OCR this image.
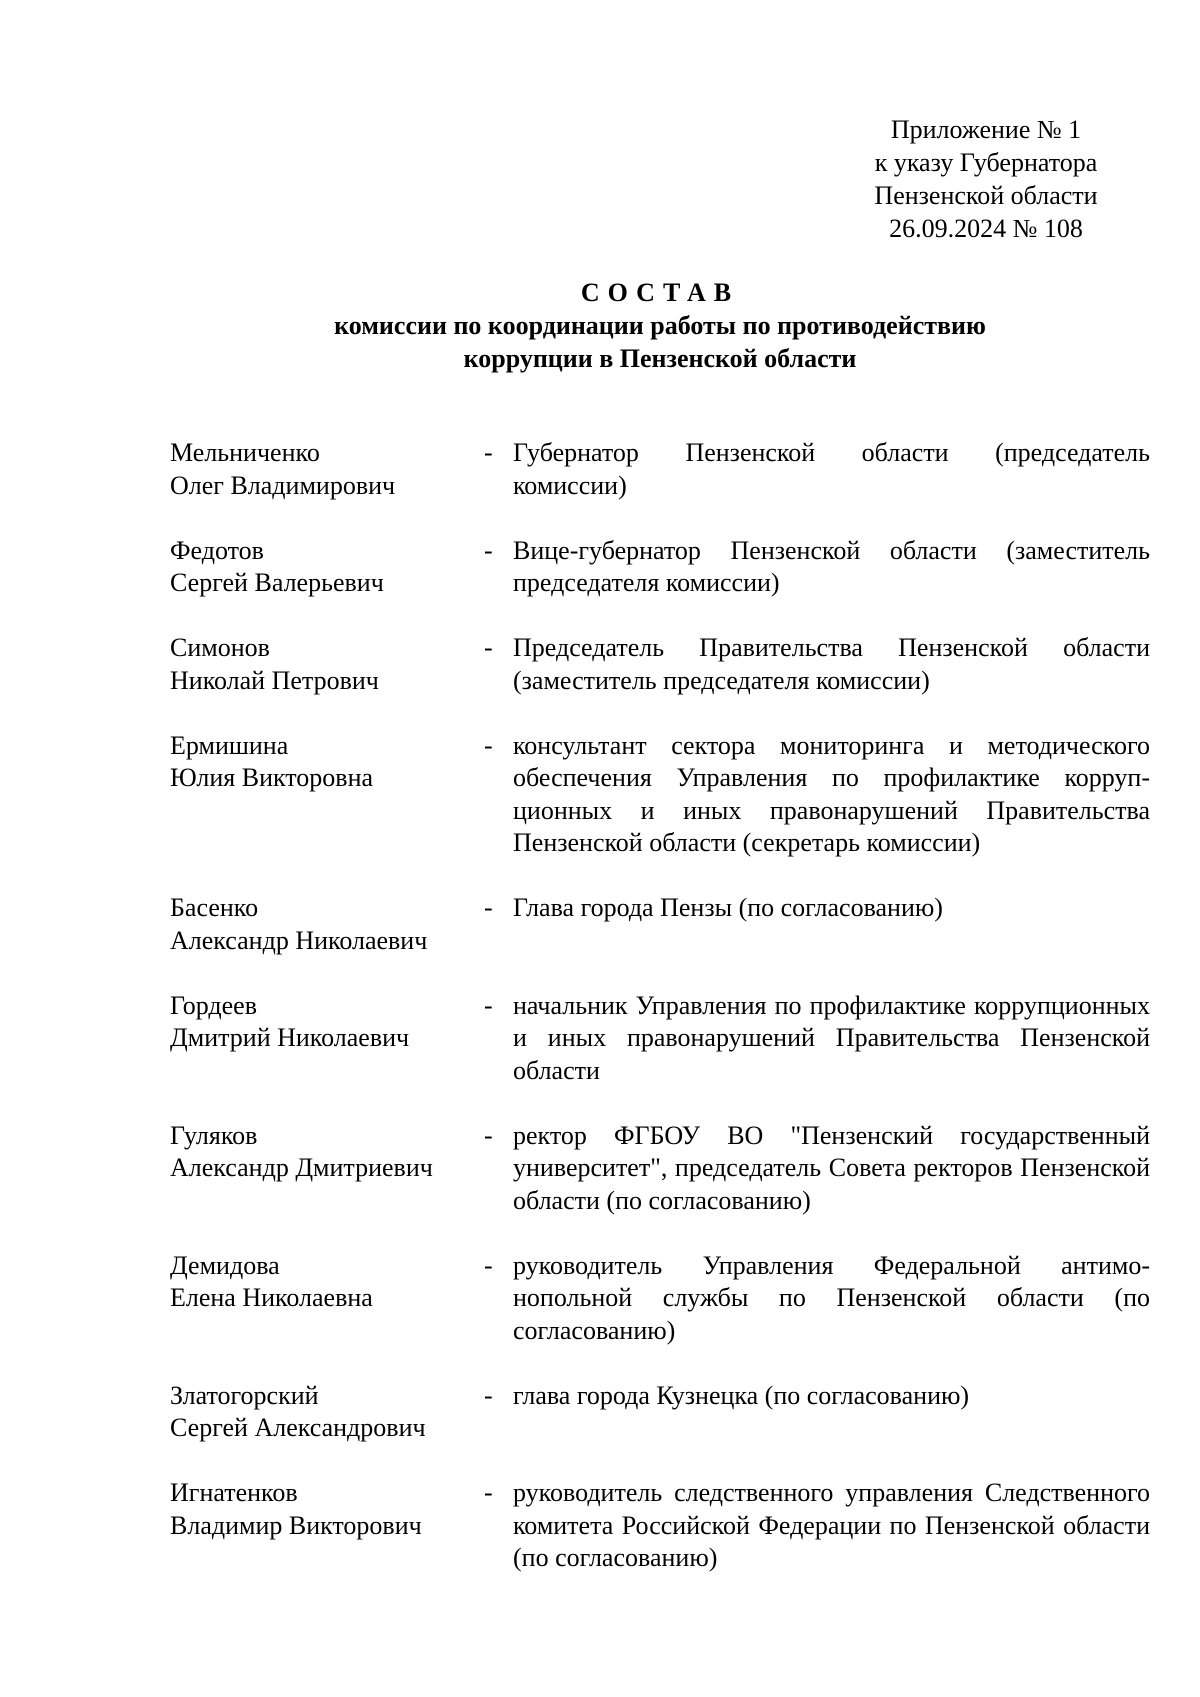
Приложение № 1
к указу Губернатора
Пензенской области
26.09.2024 № 108
СОСТАВ
комиссии по координации работы по противодействию
коррупции в Пензенской области
Мельниченко
Олег Владимирович
- Губернатор Пензенской области (председатель комиссии)
Федотов
Сергей Валерьевич
- Вице-губернатор Пензенской области (заместитель председателя комиссии)
Симонов
Николай Петрович
- Председатель Правительства Пензенской области (заместитель председателя комиссии)
Ермишина
Юлия Викторовна
- консультант сектора мониторинга и методического обеспечения Управления по профилактике коррупционных и иных правонарушений Правительства Пензенской области (секретарь комиссии)
Басенко
Александр Николаевич
- Глава города Пензы (по согласованию)
Гордеев
Дмитрий Николаевич
- начальник Управления по профилактике коррупционных и иных правонарушений Правительства Пензенской области
Гуляков
Александр Дмитриевич
- ректор ФГБОУ ВО "Пензенский государственный университет", председатель Совета ректоров Пензенской области (по согласованию)
Демидова
Елена Николаевна
- руководитель Управления Федеральной антимонопольной службы по Пензенской области (по согласованию)
Златогорский
Сергей Александрович
- глава города Кузнецка (по согласованию)
Игнатенков
Владимир Викторович
- руководитель следственного управления Следственного комитета Российской Федерации по Пензенской области (по согласованию)
